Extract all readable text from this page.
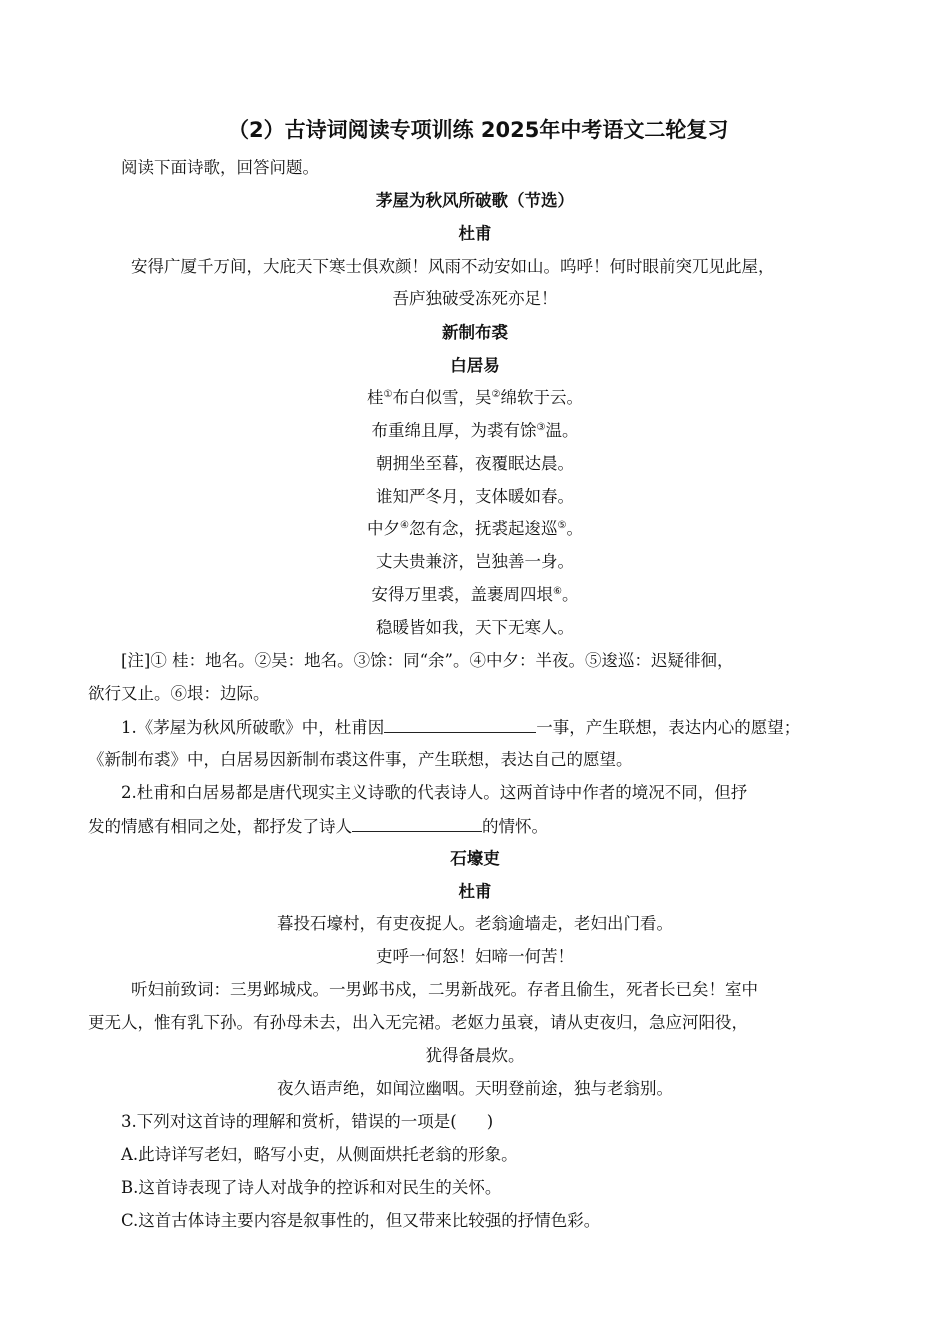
（2）古诗词阅读专项训练 2025年中考语文二轮复习
阅读下面诗歌，回答问题。
茅屋为秋风所破歌（节选）
杜甫
安得广厦千万间，大庇天下寒士俱欢颜！风雨不动安如山。呜呼！何时眼前突兀见此屋，
吾庐独破受冻死亦足！
新制布裘
白居易
桂①布白似雪，吴②绵软于云。
布重绵且厚，为裘有馀③温。
朝拥坐至暮，夜覆眠达晨。
谁知严冬月，支体暖如春。
中夕④忽有念，抚裘起逡巡⑤。
丈夫贵兼济，岂独善一身。
安得万里裘，盖裹周四垠⑥。
稳暖皆如我，天下无寒人。
[注]① 桂：地名。②吴：地名。③馀：同“余”。④中夕：半夜。⑤逡巡：迟疑徘徊，
欲行又止。⑥垠：边际。
1.《茅屋为秋风所破歌》中，杜甫因	一事，产生联想，表达内心的愿望；
《新制布裘》中，白居易因新制布裘这件事，产生联想，表达自己的愿望。
2.杜甫和白居易都是唐代现实主义诗歌的代表诗人。这两首诗中作者的境况不同，但抒
发的情感有相同之处，都抒发了诗人	的情怀。
石壕吏
杜甫
暮投石壕村，有吏夜捉人。老翁逾墙走，老妇出门看。
吏呼一何怒！妇啼一何苦！
听妇前致词：三男邺城戍。一男邺书戍，二男新战死。存者且偷生，死者长已矣！室中
更无人，惟有乳下孙。有孙母未去，出入无完裙。老妪力虽衰，请从吏夜归，急应河阳役，
犹得备晨炊。
夜久语声绝，如闻泣幽咽。天明登前途，独与老翁别。
3.下列对这首诗的理解和赏析，错误的一项是( )
A.此诗详写老妇，略写小吏，从侧面烘托老翁的形象。
B.这首诗表现了诗人对战争的控诉和对民生的关怀。
C.这首古体诗主要内容是叙事性的，但又带来比较强的抒情色彩。
